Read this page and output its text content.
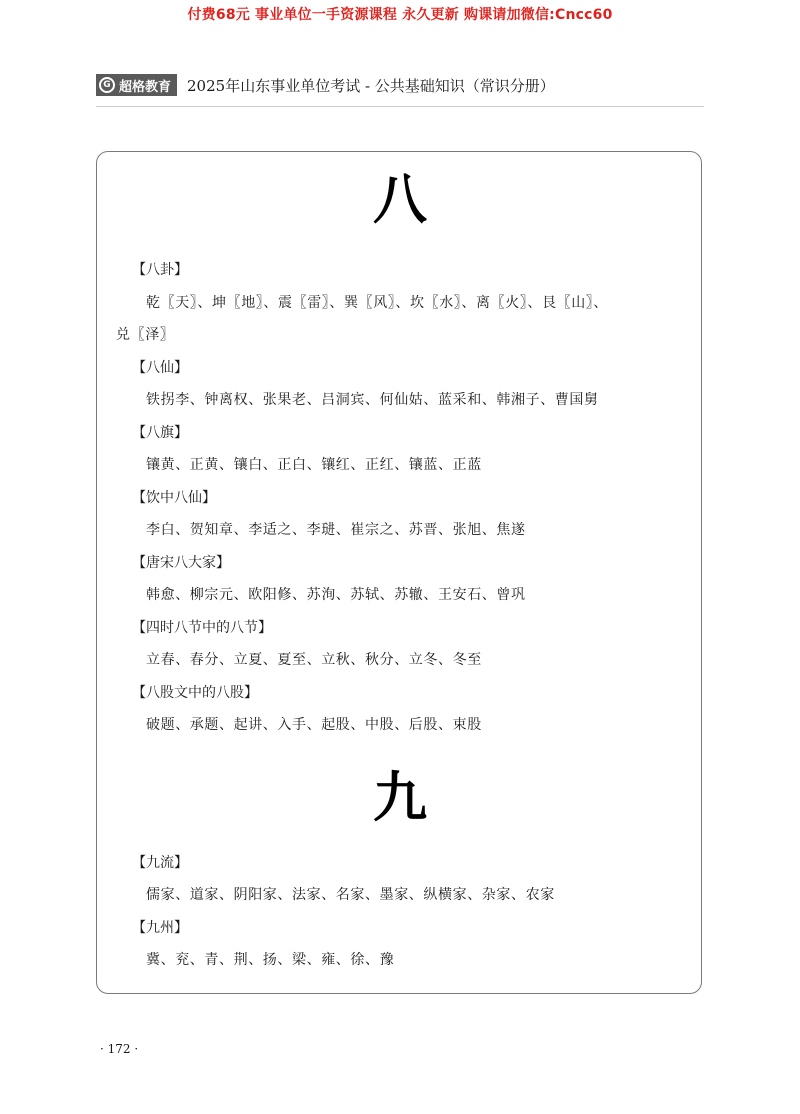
付费68元 事业单位一手资源课程 永久更新 购课请加微信:Cncc60
G 超格教育 2025年山东事业单位考试 - 公共基础知识（常识分册）
八
【八卦】
乾〖天〗、坤〖地〗、震〖雷〗、巽〖风〗、坎〖水〗、离〖火〗、艮〖山〗、
兑〖泽〗
【八仙】
铁拐李、钟离权、张果老、吕洞宾、何仙姑、蓝采和、韩湘子、曹国舅
【八旗】
镶黄、正黄、镶白、正白、镶红、正红、镶蓝、正蓝
【饮中八仙】
李白、贺知章、李适之、李琎、崔宗之、苏晋、张旭、焦遂
【唐宋八大家】
韩愈、柳宗元、欧阳修、苏洵、苏轼、苏辙、王安石、曾巩
【四时八节中的八节】
立春、春分、立夏、夏至、立秋、秋分、立冬、冬至
【八股文中的八股】
破题、承题、起讲、入手、起股、中股、后股、束股
九
【九流】
儒家、道家、阴阳家、法家、名家、墨家、纵横家、杂家、农家
【九州】
冀、兖、青、荆、扬、梁、雍、徐、豫
· 172 ·
